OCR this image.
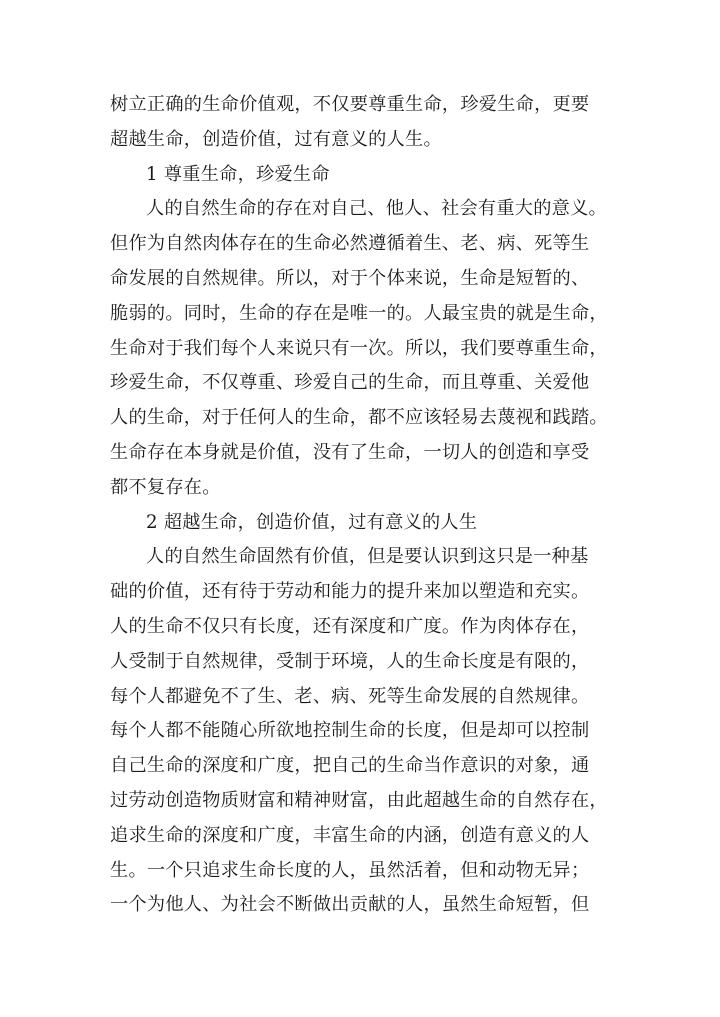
树立正确的生命价值观，不仅要尊重生命，珍爱生命，更要
超越生命，创造价值，过有意义的人生。
1 尊重生命，珍爱生命
人的自然生命的存在对自己、他人、社会有重大的意义。
但作为自然肉体存在的生命必然遵循着生、老、病、死等生
命发展的自然规律。所以，对于个体来说，生命是短暂的、
脆弱的。同时，生命的存在是唯一的。人最宝贵的就是生命，
生命对于我们每个人来说只有一次。所以，我们要尊重生命，
珍爱生命，不仅尊重、珍爱自己的生命，而且尊重、关爱他
人的生命，对于任何人的生命，都不应该轻易去蔑视和践踏。
生命存在本身就是价值，没有了生命，一切人的创造和享受
都不复存在。
2 超越生命，创造价值，过有意义的人生
人的自然生命固然有价值，但是要认识到这只是一种基
础的价值，还有待于劳动和能力的提升来加以塑造和充实。
人的生命不仅只有长度，还有深度和广度。作为肉体存在，
人受制于自然规律，受制于环境，人的生命长度是有限的，
每个人都避免不了生、老、病、死等生命发展的自然规律。
每个人都不能随心所欲地控制生命的长度，但是却可以控制
自己生命的深度和广度，把自己的生命当作意识的对象，通
过劳动创造物质财富和精神财富，由此超越生命的自然存在，
追求生命的深度和广度，丰富生命的内涵，创造有意义的人
生。一个只追求生命长度的人，虽然活着，但和动物无异；
一个为他人、为社会不断做出贡献的人，虽然生命短暂，但
